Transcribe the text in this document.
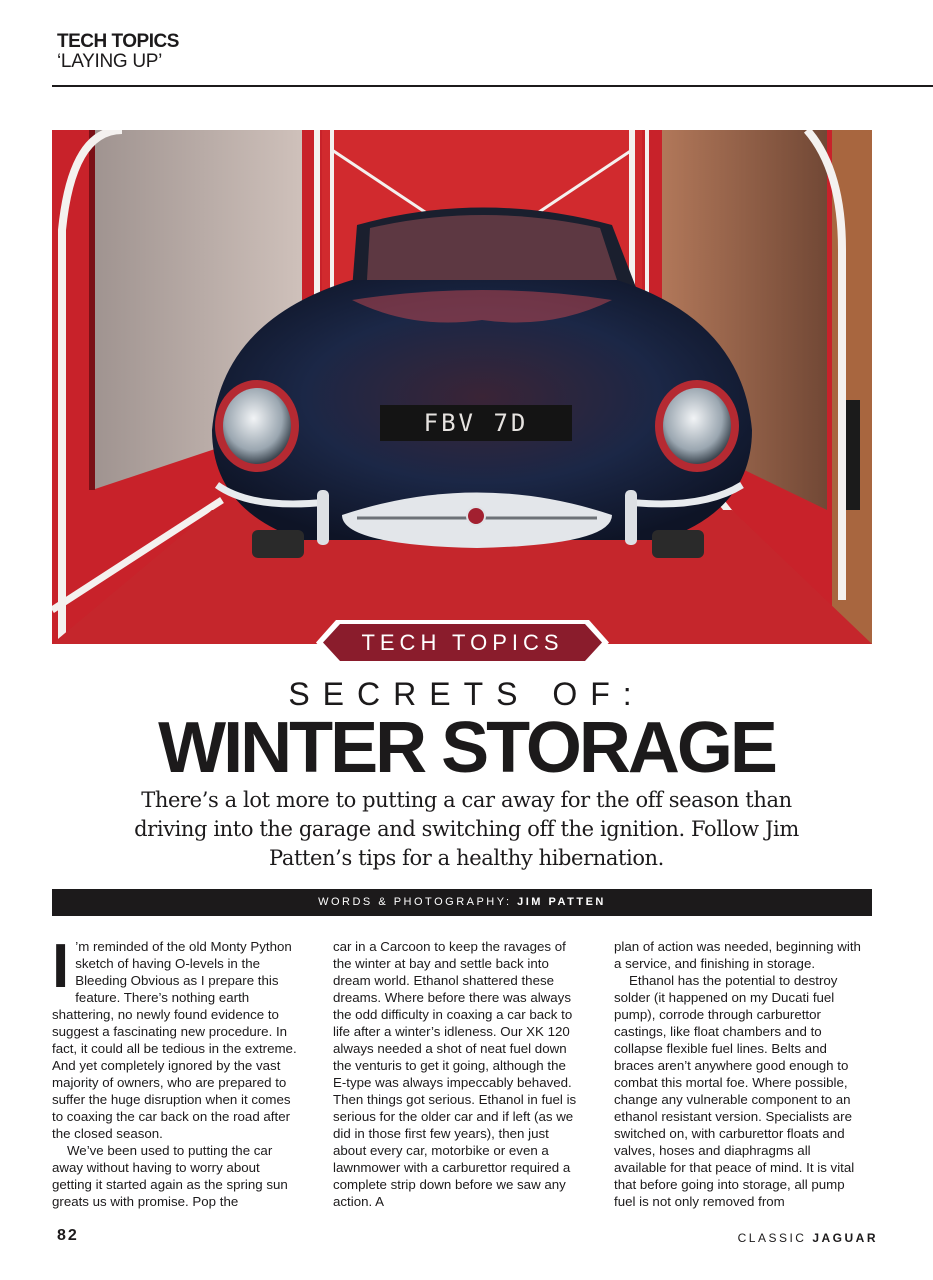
TECH TOPICS
‘LAYING UP’
FBV 7D
TECH TOPICS
SECRETS OF:
WINTER STORAGE
There’s a lot more to putting a car away for the off season than driving into the garage and switching off the ignition. Follow Jim Patten’s tips for a healthy hibernation.
WORDS & PHOTOGRAPHY: JIM PATTEN

I ’m reminded of the old Monty Python sketch of having O-levels in the Bleeding Obvious as I prepare this feature. There’s nothing earth shattering, no newly found evidence to suggest a fascinating new procedure. In fact, it could all be tedious in the extreme. And yet completely ignored by the vast majority of owners, who are prepared to suffer the huge disruption when it comes to coaxing the car back on the road after the closed season.

We’ve been used to putting the car away without having to worry about getting it started again as the spring sun greats us with promise. Pop the

car in a Carcoon to keep the ravages of the winter at bay and settle back into dream world. Ethanol shattered these dreams. Where before there was always the odd difficulty in coaxing a car back to life after a winter’s idleness. Our XK 120 always needed a shot of neat fuel down the venturis to get it going, although the E-type was always impeccably behaved. Then things got serious. Ethanol in fuel is serious for the older car and if left (as we did in those first few years), then just about every car, motorbike or even a lawnmower with a carburettor required a complete strip down before we saw any action. A

plan of action was needed, beginning with a service, and finishing in storage.

Ethanol has the potential to destroy solder (it happened on my Ducati fuel pump), corrode through carburettor castings, like float chambers and to collapse flexible fuel lines. Belts and braces aren’t anywhere good enough to combat this mortal foe. Where possible, change any vulnerable component to an ethanol resistant version. Specialists are switched on, with carburettor floats and valves, hoses and diaphragms all available for that peace of mind. It is vital that before going into storage, all pump fuel is not only removed from

82	CLASSIC JAGUAR
